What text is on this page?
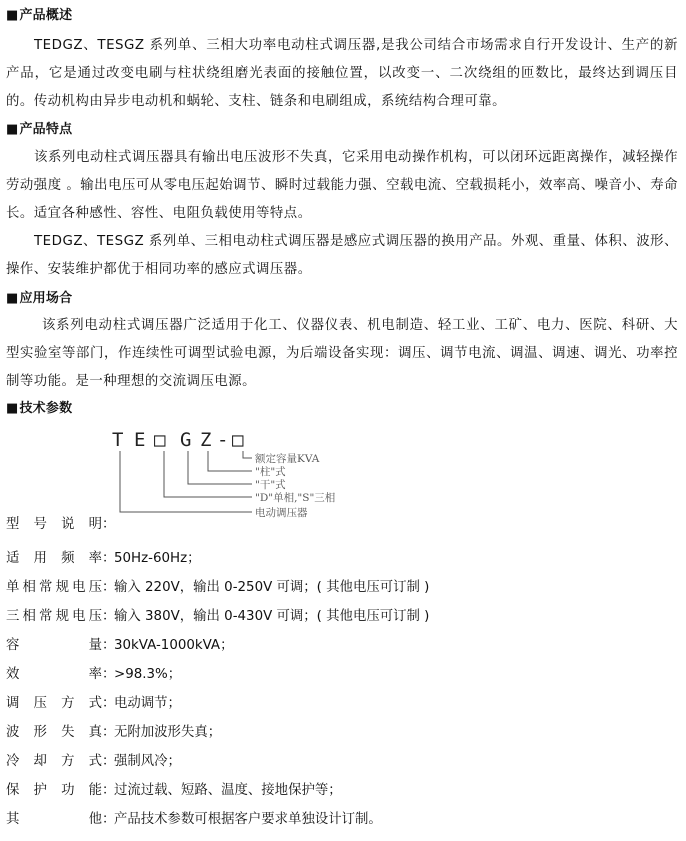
■产品概述
TEDGZ、TESGZ 系列单、三相大功率电动柱式调压器,是我公司结合市场需求自行开发设计、生产的新产品，它是通过改变电刷与柱状绕组磨光表面的接触位置，以改变一、二次绕组的匝数比，最终达到调压目的。传动机构由异步电动机和蜗轮、支柱、链条和电刷组成，系统结构合理可靠。
■产品特点
该系列电动柱式调压器具有输出电压波形不失真，它采用电动操作机构，可以闭环远距离操作，减轻操作劳动强度 。输出电压可从零电压起始调节、瞬时过载能力强、空载电流、空载损耗小，效率高、噪音小、寿命长。适宜各种感性、容性、电阻负载使用等特点。
TEDGZ、TESGZ 系列单、三相电动柱式调压器是感应式调压器的换用产品。外观、重量、体积、波形、操作、安装维护都优于相同功率的感应式调压器。
■应用场合
该系列电动柱式调压器广泛适用于化工、仪器仪表、机电制造、轻工业、工矿、电力、医院、科研、大型实验室等部门，作连续性可调型试验电源，为后端设备实现：调压、调节电流、调温、调速、调光、功率控制等功能。是一种理想的交流调压电源。
■技术参数
T E □ G Z - □
额定容量KVA
"柱"式
"干"式
"D"单相,"S"三相
电动调压器
型 号 说 明 ：
适 用 频 率 ：
50Hz-60Hz；
单相常规电压 ：
输入 220V，输出 0-250V 可调；( 其他电压可订制 )
三相常规电压 ：
输入 380V，输出 0-430V 可调；( 其他电压可订制 )
容 量 ：
30kVA-1000kVA；
效 率 ：
>98.3%；
调 压 方 式 ：
电动调节；
波 形 失 真 ：
无附加波形失真；
冷 却 方 式 ：
强制风冷；
保 护 功 能 ：
过流过载、短路、温度、接地保护等；
其 他 ：
产品技术参数可根据客户要求单独设计订制。
